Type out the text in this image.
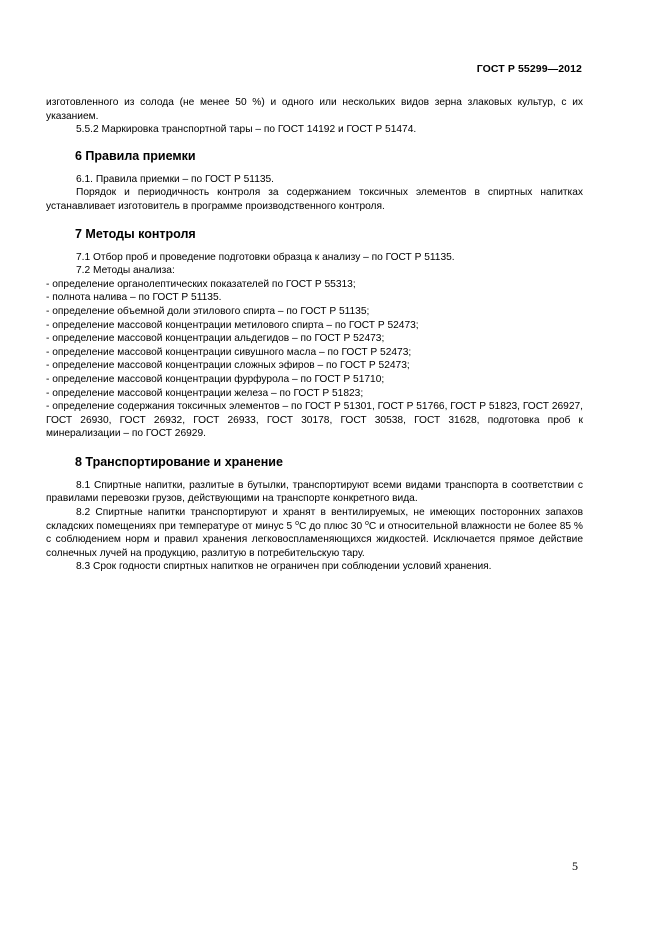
ГОСТ Р 55299—2012

изготовленного из солода (не менее 50 %) и одного или нескольких видов зерна злаковых культур, с их указанием.

5.5.2 Маркировка транспортной тары – по ГОСТ 14192 и ГОСТ Р 51474.

6 Правила приемки

6.1. Правила приемки – по ГОСТ Р 51135.

Порядок и периодичность контроля за содержанием токсичных элементов в спиртных напитках устанавливает изготовитель в программе производственного контроля.

7 Методы контроля

7.1 Отбор проб и проведение подготовки образца к анализу – по ГОСТ Р 51135.

7.2 Методы анализа:

- определение органолептических показателей по ГОСТ Р 55313;
- полнота налива – по ГОСТ Р 51135.
- определение объемной доли этилового спирта – по ГОСТ Р 51135;
- определение массовой концентрации метилового спирта – по ГОСТ Р 52473;
- определение массовой концентрации альдегидов – по ГОСТ Р 52473;
- определение массовой концентрации сивушного масла – по ГОСТ Р 52473;
- определение массовой концентрации сложных эфиров – по ГОСТ Р 52473;
- определение массовой концентрации фурфурола – по ГОСТ Р 51710;
- определение массовой концентрации железа – по ГОСТ Р 51823;
- определение содержания токсичных элементов – по ГОСТ Р 51301, ГОСТ Р 51766, ГОСТ Р 51823, ГОСТ 26927, ГОСТ 26930, ГОСТ 26932, ГОСТ 26933, ГОСТ 30178, ГОСТ 30538, ГОСТ 31628, подготовка проб к минерализации – по ГОСТ 26929.
8 Транспортирование и хранение

8.1 Спиртные напитки, разлитые в бутылки, транспортируют всеми видами транспорта в соответствии с правилами перевозки грузов, действующими на транспорте конкретного вида.

8.2 Спиртные напитки транспортируют и хранят в вентилируемых, не имеющих посторонних запахов складских помещениях при температуре от минус 5 $^о$С до плюс 30 $^о$С и относительной влажности не более 85 % с соблюдением норм и правил хранения легковоспламеняющихся жидкостей. Исключается прямое действие солнечных лучей на продукцию, разлитую в потребительскую тару.

8.3 Срок годности спиртных напитков не ограничен при соблюдении условий хранения.

5
